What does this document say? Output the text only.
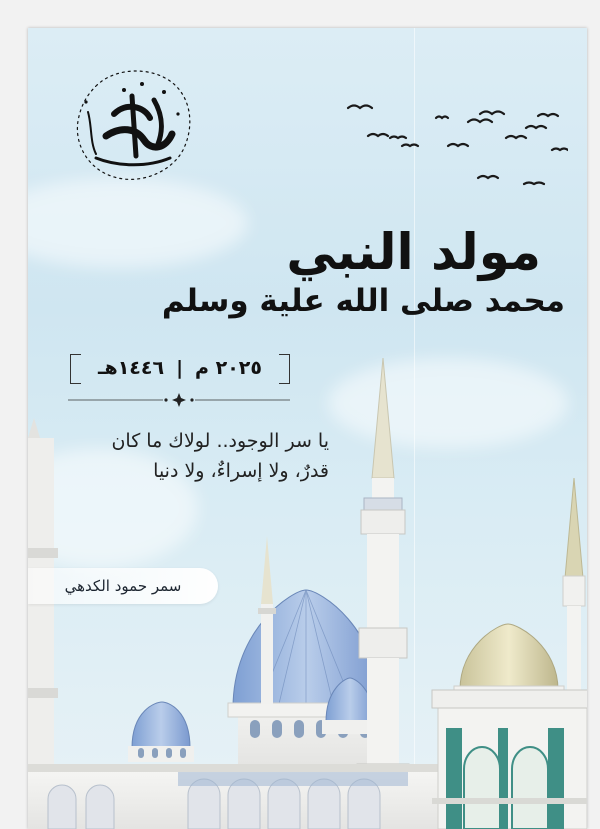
مولد النبي
محمد صلى الله علية وسلم
٢٠٢٥ م
|
١٤٤٦هـ
يا سر الوجود.. لولاك ما كان
قدرٌ، ولا إسراءٌ، ولا دنيا
سمر حمود الكدهي
